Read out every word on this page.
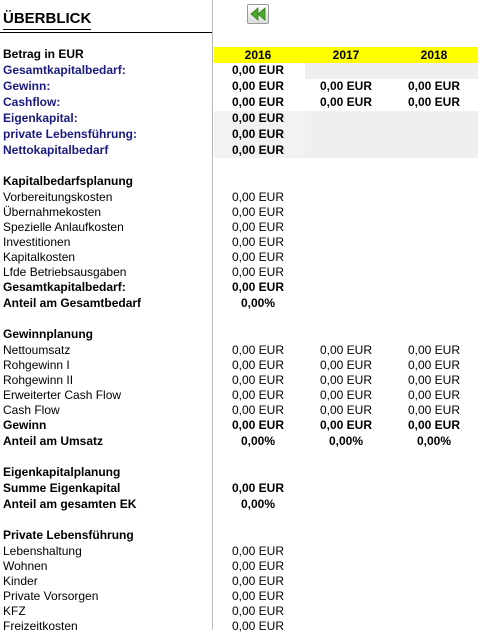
ÜBERBLICK
Betrag in EUR	2016	2017	2018
Gesamtkapitalbedarf:	0,00 EUR
Gewinn:	0,00 EUR	0,00 EUR	0,00 EUR
Cashflow:	0,00 EUR	0,00 EUR	0,00 EUR
Eigenkapital:	0,00 EUR
private Lebensführung:	0,00 EUR
Nettokapitalbedarf	0,00 EUR
Kapitalbedarfsplanung
Vorbereitungskosten	0,00 EUR
Übernahmekosten	0,00 EUR
Spezielle Anlaufkosten	0,00 EUR
Investitionen	0,00 EUR
Kapitalkosten	0,00 EUR
Lfde Betriebsausgaben	0,00 EUR
Gesamtkapitalbedarf:	0,00 EUR
Anteil am Gesamtbedarf	0,00%
Gewinnplanung
Nettoumsatz	0,00 EUR	0,00 EUR	0,00 EUR
Rohgewinn I	0,00 EUR	0,00 EUR	0,00 EUR
Rohgewinn II	0,00 EUR	0,00 EUR	0,00 EUR
Erweiterter Cash Flow	0,00 EUR	0,00 EUR	0,00 EUR
Cash Flow	0,00 EUR	0,00 EUR	0,00 EUR
Gewinn	0,00 EUR	0,00 EUR	0,00 EUR
Anteil am Umsatz	0,00%	0,00%	0,00%
Eigenkapitalplanung
Summe Eigenkapital	0,00 EUR
Anteil am gesamten EK	0,00%
Private Lebensführung
Lebenshaltung	0,00 EUR
Wohnen	0,00 EUR
Kinder	0,00 EUR
Private Vorsorgen	0,00 EUR
KFZ	0,00 EUR
Freizeitkosten	0,00 EUR
